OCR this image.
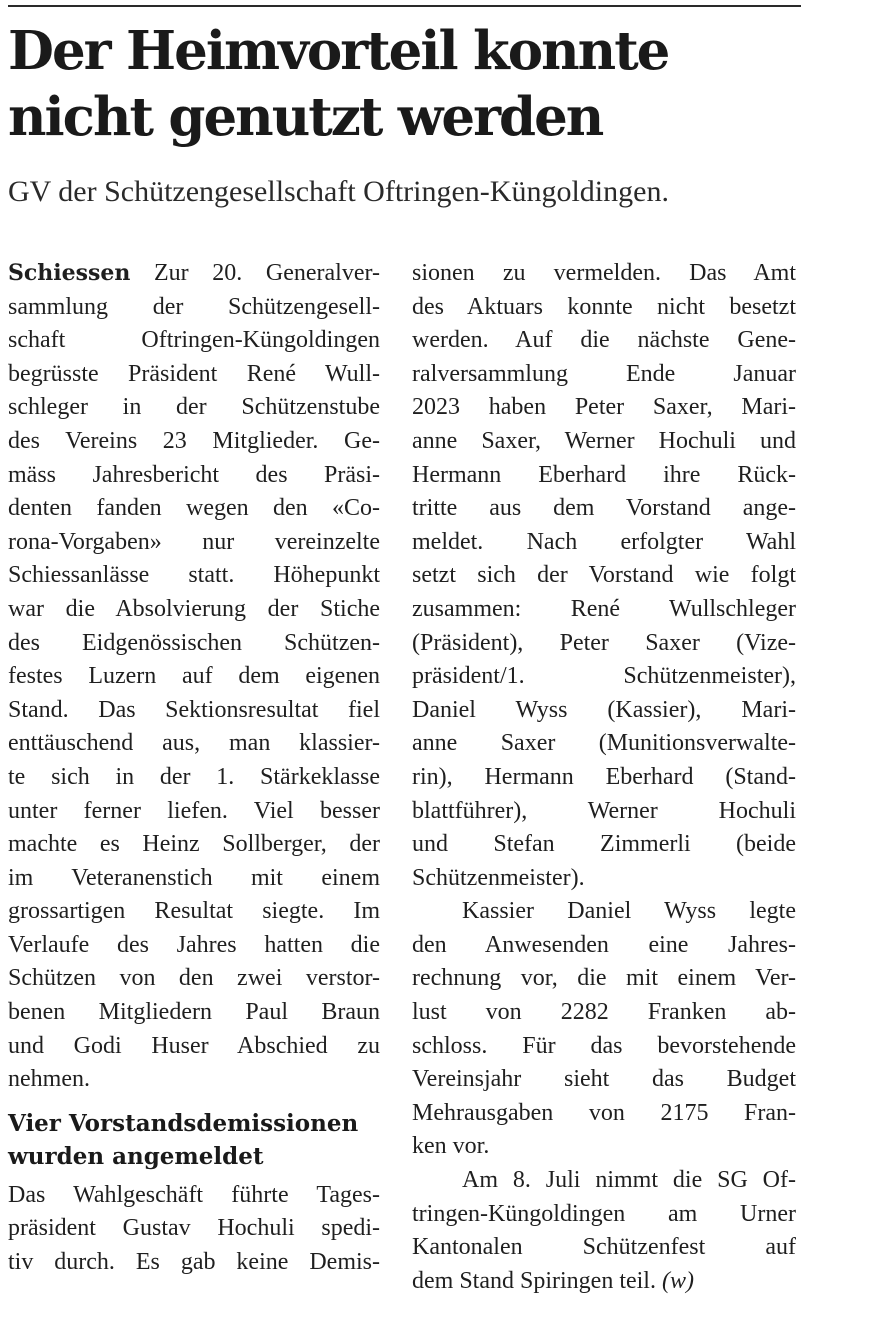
Der Heimvorteil konnte
nicht genutzt werden

GV der Schützengesellschaft Oftringen-Küngoldingen.

Schiessen Zur 20. Generalver-
sammlung der Schützengesell-
schaft Oftringen-Küngoldingen
begrüsste Präsident René Wull-
schleger in der Schützenstube
des Vereins 23 Mitglieder. Ge-
mäss Jahresbericht des Präsi-
denten fanden wegen den «Co-
rona-Vorgaben» nur vereinzelte
Schiessanlässe statt. Höhepunkt
war die Absolvierung der Stiche
des Eidgenössischen Schützen-
festes Luzern auf dem eigenen
Stand. Das Sektionsresultat fiel
enttäuschend aus, man klassier-
te sich in der 1. Stärkeklasse
unter ferner liefen. Viel besser
machte es Heinz Sollberger, der
im Veteranenstich mit einem
grossartigen Resultat siegte. Im
Verlaufe des Jahres hatten die
Schützen von den zwei verstor-
benen Mitgliedern Paul Braun
und Godi Huser Abschied zu
nehmen.
Vier Vorstandsdemissionen
wurden angemeldet
Das Wahlgeschäft führte Tages-
präsident Gustav Hochuli spedi-
tiv durch. Es gab keine Demis-
sionen zu vermelden. Das Amt
des Aktuars konnte nicht besetzt
werden. Auf die nächste Gene-
ralversammlung Ende Januar
2023 haben Peter Saxer, Mari-
anne Saxer, Werner Hochuli und
Hermann Eberhard ihre Rück-
tritte aus dem Vorstand ange-
meldet. Nach erfolgter Wahl
setzt sich der Vorstand wie folgt
zusammen: René Wullschleger
(Präsident), Peter Saxer (Vize-
präsident/1. Schützenmeister),
Daniel Wyss (Kassier), Mari-
anne Saxer (Munitionsverwalte-
rin), Hermann Eberhard (Stand-
blattführer), Werner Hochuli
und Stefan Zimmerli (beide
Schützenmeister).
Kassier Daniel Wyss legte
den Anwesenden eine Jahres-
rechnung vor, die mit einem Ver-
lust von 2282 Franken ab-
schloss. Für das bevorstehende
Vereinsjahr sieht das Budget
Mehrausgaben von 2175 Fran-
ken vor.
Am 8. Juli nimmt die SG Of-
tringen-Küngoldingen am Urner
Kantonalen Schützenfest auf
dem Stand Spiringen teil. (w)
